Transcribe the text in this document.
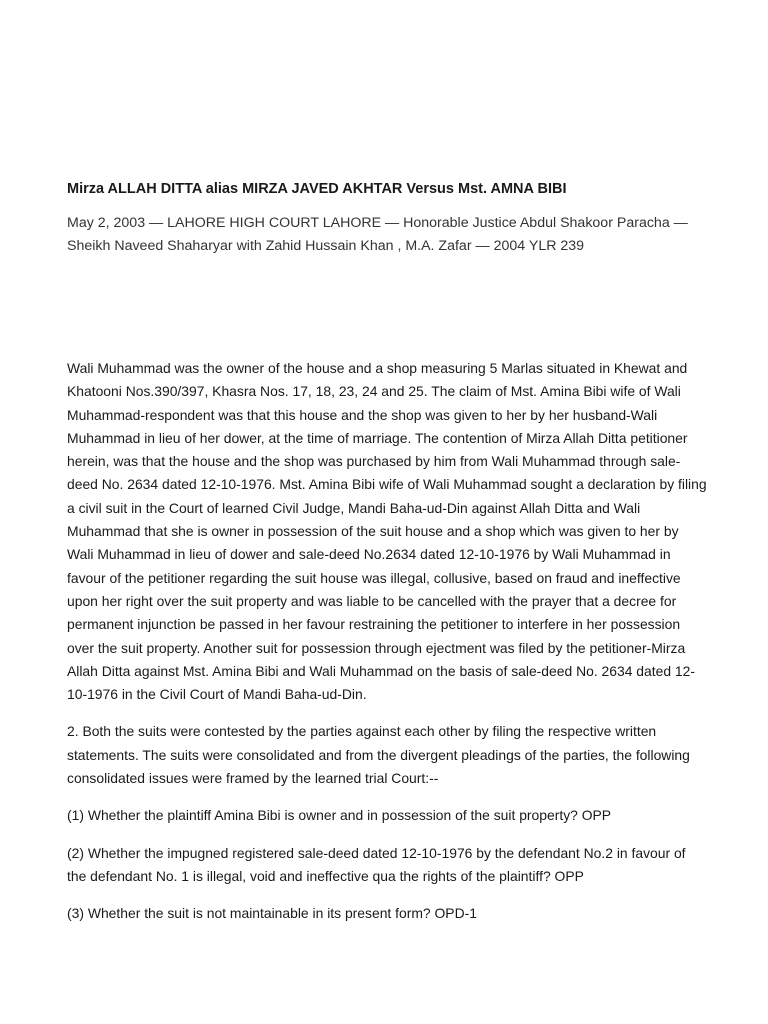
Mirza ALLAH DITTA alias MIRZA JAVED AKHTAR Versus Mst. AMNA BIBI

May 2, 2003 — LAHORE HIGH COURT LAHORE — Honorable Justice Abdul Shakoor Paracha — Sheikh Naveed Shaharyar with Zahid Hussain Khan , M.A. Zafar — 2004 YLR 239

Wali Muhammad was the owner of the house and a shop measuring 5 Marlas situated in Khewat and Khatooni Nos.390/397, Khasra Nos. 17, 18, 23, 24 and 25. The claim of Mst. Amina Bibi wife of Wali Muhammad-respondent was that this house and the shop was given to her by her husband-Wali Muhammad in lieu of her dower, at the time of marriage. The contention of Mirza Allah Ditta petitioner herein, was that the house and the shop was purchased by him from Wali Muhammad through sale-deed No. 2634 dated 12-10-1976. Mst. Amina Bibi wife of Wali Muhammad sought a declaration by filing a civil suit in the Court of learned Civil Judge, Mandi Baha-ud-Din against Allah Ditta and Wali Muhammad that she is owner in possession of the suit house and a shop which was given to her by Wali Muhammad in lieu of dower and sale-deed No.2634 dated 12-10-1976 by Wali Muhammad in favour of the petitioner regarding the suit house was illegal, collusive, based on fraud and ineffective upon her right over the suit property and was liable to be cancelled with the prayer that a decree for permanent injunction be passed in her favour restraining the petitioner to interfere in her possession over the suit property. Another suit for possession through ejectment was filed by the petitioner-Mirza Allah Ditta against Mst. Amina Bibi and Wali Muhammad on the basis of sale-deed No. 2634 dated 12-10-1976 in the Civil Court of Mandi Baha-ud-Din.

2. Both the suits were contested by the parties against each other by filing the respective written statements. The suits were consolidated and from the divergent pleadings of the parties, the following consolidated issues were framed by the learned trial Court:--

(1) Whether the plaintiff Amina Bibi is owner and in possession of the suit property? OPP

(2) Whether the impugned registered sale-deed dated 12-10-1976 by the defendant No.2 in favour of the defendant No. 1 is illegal, void and ineffective qua the rights of the plaintiff? OPP

(3) Whether the suit is not maintainable in its present form? OPD-1
